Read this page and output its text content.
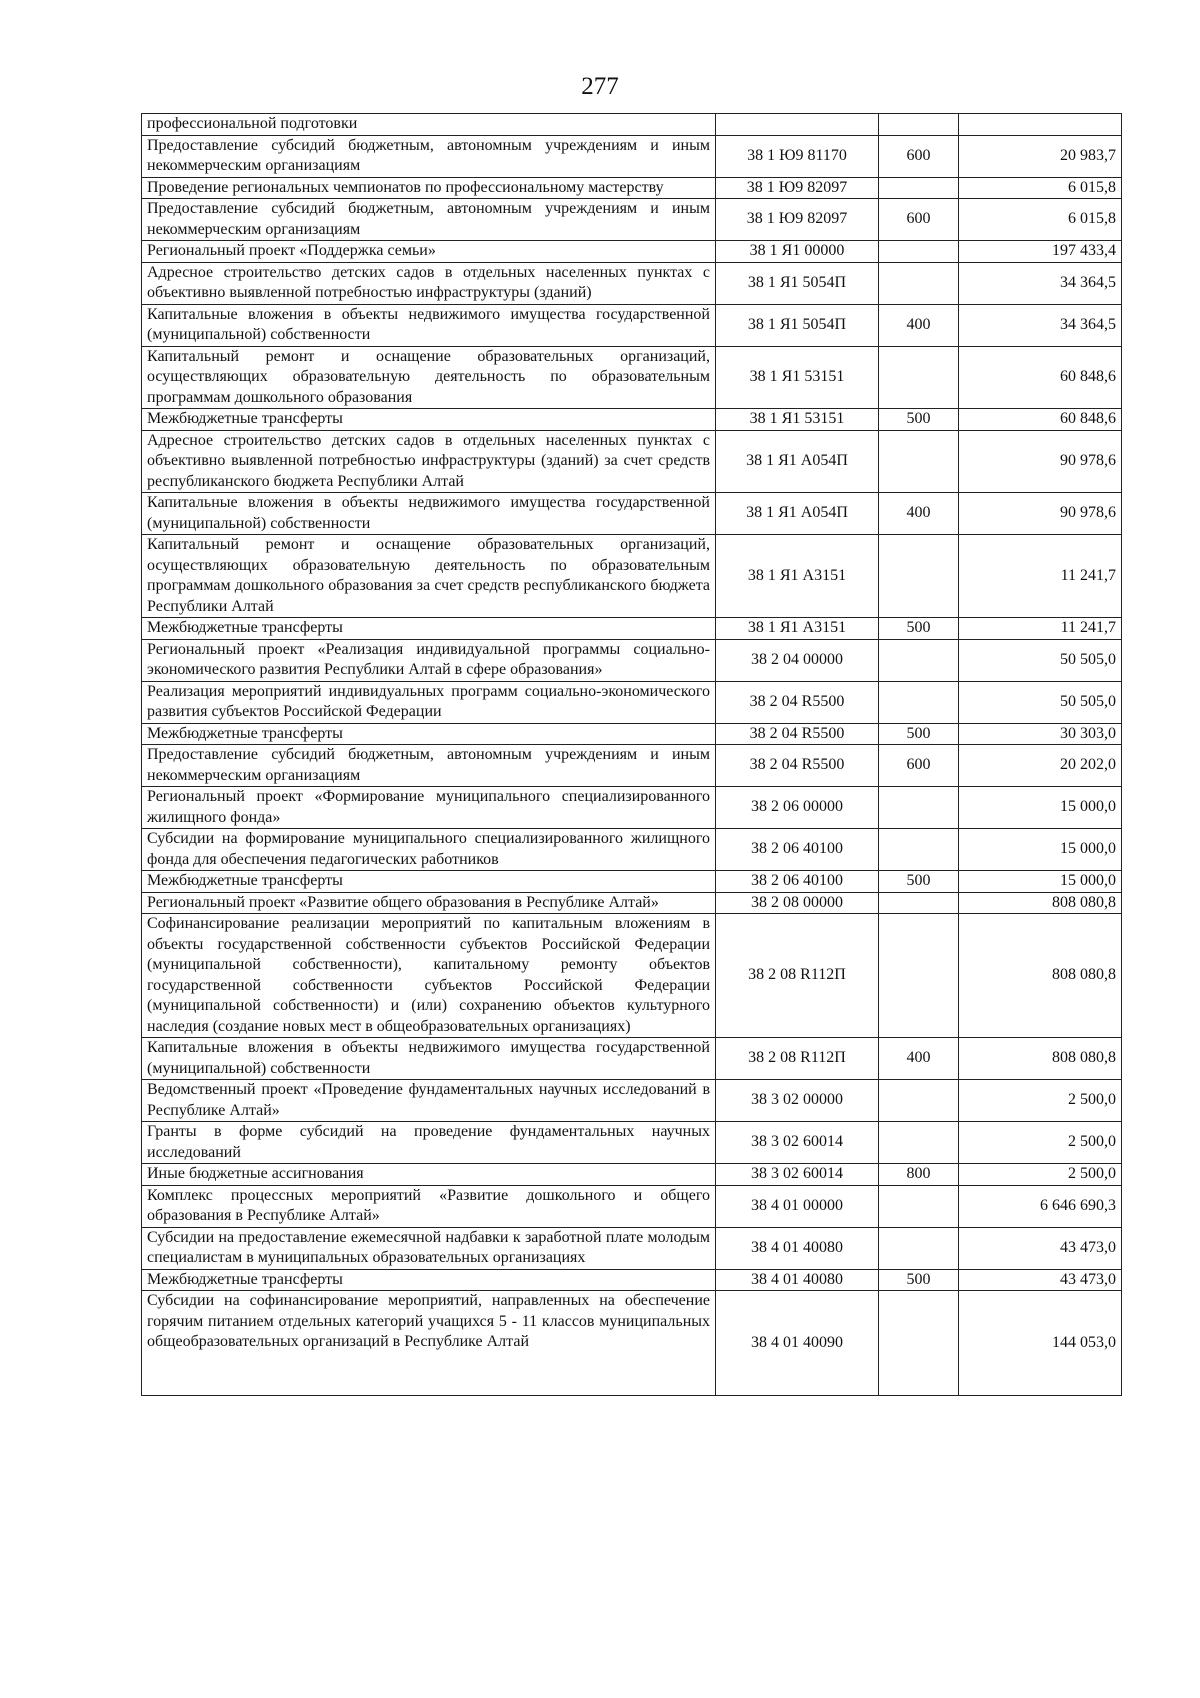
277
профессиональной подготовки			
Предоставление субсидий бюджетным, автономным учреждениям и иным некоммерческим организациям	38 1 Ю9 81170	600	20 983,7
Проведение региональных чемпионатов по профессиональному мастерству	38 1 Ю9 82097		6 015,8
Предоставление субсидий бюджетным, автономным учреждениям и иным некоммерческим организациям	38 1 Ю9 82097	600	6 015,8
Региональный проект «Поддержка семьи»	38 1 Я1 00000		197 433,4
Адресное строительство детских садов в отдельных населенных пунктах с объективно выявленной потребностью инфраструктуры (зданий)	38 1 Я1 5054П		34 364,5
Капитальные вложения в объекты недвижимого имущества государственной (муниципальной) собственности	38 1 Я1 5054П	400	34 364,5
Капитальный ремонт и оснащение образовательных организаций, осуществляющих образовательную деятельность по образовательным программам дошкольного образования	38 1 Я1 53151		60 848,6
Межбюджетные трансферты	38 1 Я1 53151	500	60 848,6
Адресное строительство детских садов в отдельных населенных пунктах с объективно выявленной потребностью инфраструктуры (зданий) за счет средств республиканского бюджета Республики Алтай	38 1 Я1 А054П		90 978,6
Капитальные вложения в объекты недвижимого имущества государственной (муниципальной) собственности	38 1 Я1 А054П	400	90 978,6
Капитальный ремонт и оснащение образовательных организаций, осуществляющих образовательную деятельность по образовательным программам дошкольного образования за счет средств республиканского бюджета Республики Алтай	38 1 Я1 А3151		11 241,7
Межбюджетные трансферты	38 1 Я1 А3151	500	11 241,7
Региональный проект «Реализация индивидуальной программы социально-экономического развития Республики Алтай в сфере образования»	38 2 04 00000		50 505,0
Реализация мероприятий индивидуальных программ социально-экономического развития субъектов Российской Федерации	38 2 04 R5500		50 505,0
Межбюджетные трансферты	38 2 04 R5500	500	30 303,0
Предоставление субсидий бюджетным, автономным учреждениям и иным некоммерческим организациям	38 2 04 R5500	600	20 202,0
Региональный проект «Формирование муниципального специализированного жилищного фонда»	38 2 06 00000		15 000,0
Субсидии на формирование муниципального специализированного жилищного фонда для обеспечения педагогических работников	38 2 06 40100		15 000,0
Межбюджетные трансферты	38 2 06 40100	500	15 000,0
Региональный проект «Развитие общего образования в Республике Алтай»	38 2 08 00000		808 080,8
Софинансирование реализации мероприятий по капитальным вложениям в объекты государственной собственности субъектов Российской Федерации (муниципальной собственности), капитальному ремонту объектов государственной собственности субъектов Российской Федерации (муниципальной собственности) и (или) сохранению объектов культурного наследия (создание новых мест в общеобразовательных организациях)	38 2 08 R112П		808 080,8
Капитальные вложения в объекты недвижимого имущества государственной (муниципальной) собственности	38 2 08 R112П	400	808 080,8
Ведомственный проект «Проведение фундаментальных научных исследований в Республике Алтай»	38 3 02 00000		2 500,0
Гранты в форме субсидий на проведение фундаментальных научных исследований	38 3 02 60014		2 500,0
Иные бюджетные ассигнования	38 3 02 60014	800	2 500,0
Комплекс процессных мероприятий «Развитие дошкольного и общего образования в Республике Алтай»	38 4 01 00000		6 646 690,3
Субсидии на предоставление ежемесячной надбавки к заработной плате молодым специалистам в муниципальных образовательных организациях	38 4 01 40080		43 473,0
Межбюджетные трансферты	38 4 01 40080	500	43 473,0
Субсидии на софинансирование мероприятий, направленных на обеспечение горячим питанием отдельных категорий учащихся 5 - 11 классов муниципальных общеобразовательных организаций в Республике Алтай	38 4 01 40090		144 053,0
